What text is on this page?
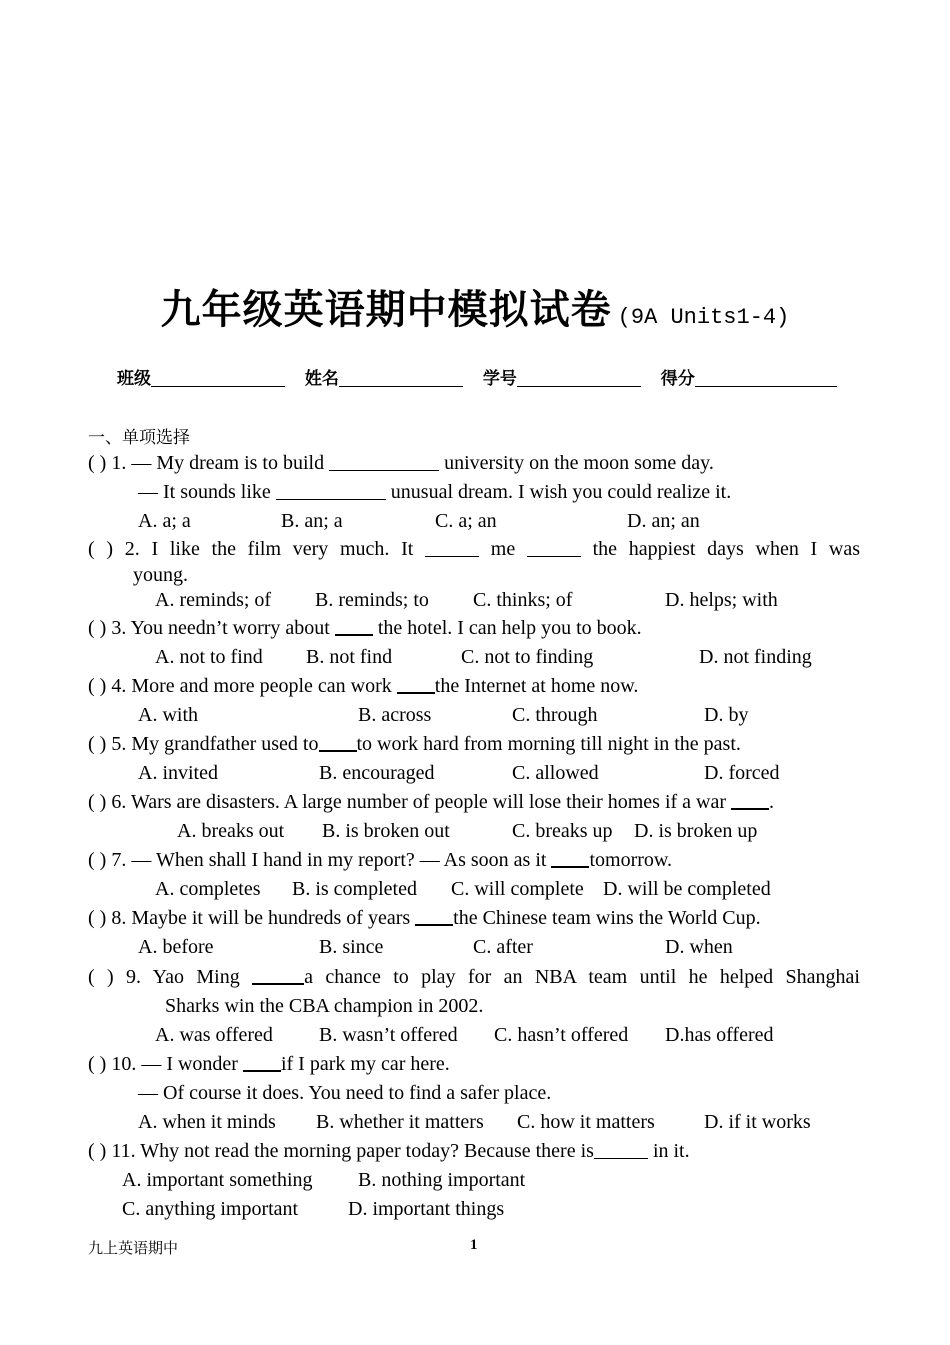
九年级英语期中模拟试卷 (9A Units1-4)
班级	姓名	学号	得分
一、单项选择
( ) 1. — My dream is to build	university on the moon some day.
— It sounds like	unusual dream. I wish you could realize it.
A. a; a	B. an; a	C. a; an	D. an; an
( ) 2. I like the film very much. It	me	the happiest days when I was
young.
A. reminds; of B. reminds; to C. thinks; of	D. helps; with
( ) 3. You needn’t worry about  the hotel. I can help you to book.
A. not to find B. not find	C. not to finding	D. not finding
( ) 4. More and more people can work the Internet at home now.
A. with	B. across	C. through	D. by
( ) 5. My grandfather used to to work hard from morning till night in the past.
A. invited	B. encouraged	C. allowed	D. forced
( ) 6. Wars are disasters. A large number of people will lose their homes if a war .
A. breaks out B. is broken out	C. breaks up D. is broken up
( ) 7. — When shall I hand in my report? — As soon as it tomorrow.
A. completes B. is completed C. will complete D. will be completed
( ) 8. Maybe it will be hundreds of years the Chinese team wins the World Cup.
A. before	B. since	C. after	D. when
( ) 9. Yao Ming	a chance to play for an NBA team until he helped Shanghai
Sharks win the CBA champion in 2002.
A. was offered B. wasn’t offered C. hasn’t offered D.has offered
( ) 10. — I wonder if I park my car here.
— Of course it does. You need to find a safer place.
A. when it minds B. whether it matters C. how it matters D. if it works
( ) 11. Why not read the morning paper today? Because there is	in it.
A. important something B. nothing important
C. anything important D. important things
九上英语期中	1
